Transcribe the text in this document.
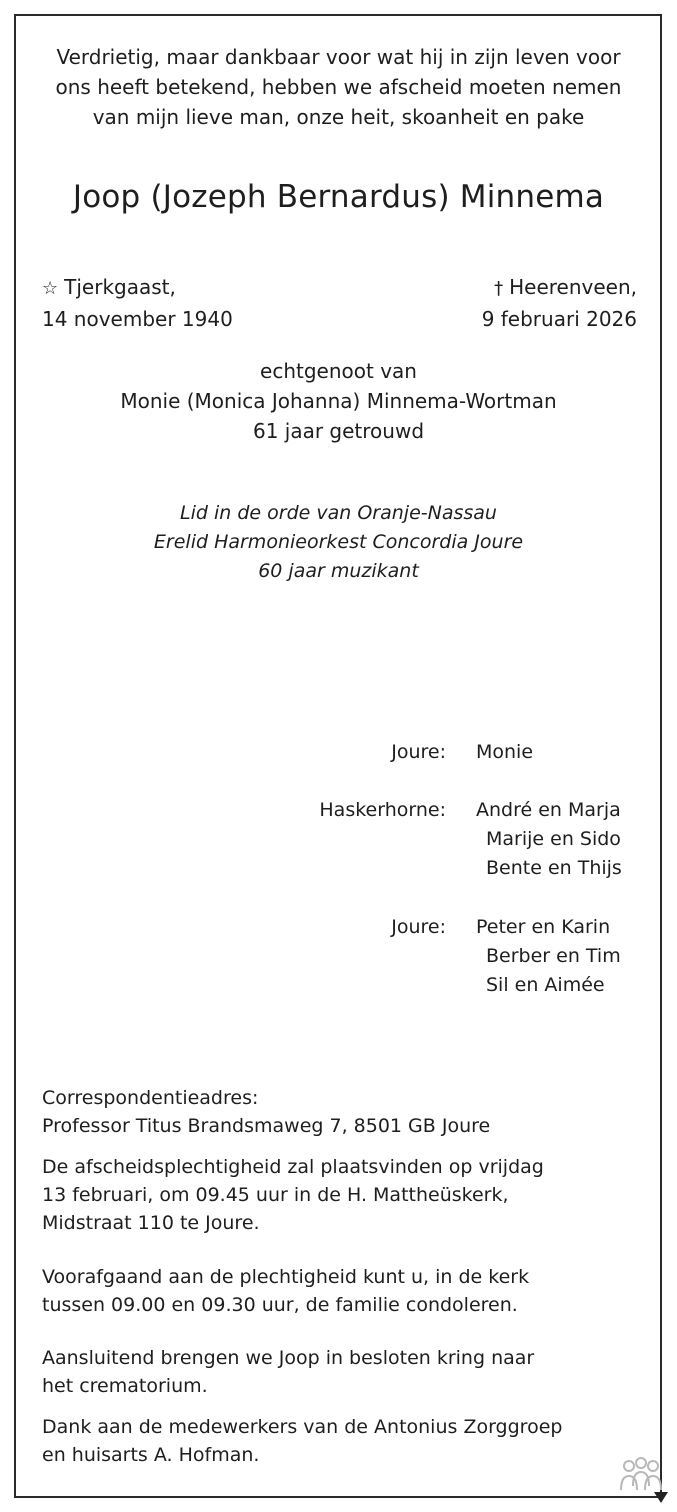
Verdrietig, maar dankbaar voor wat hij in zijn leven voor
ons heeft betekend, hebben we afscheid moeten nemen
van mijn lieve man, onze heit, skoanheit en pake
Joop (Jozeph Bernardus) Minnema
☆ Tjerkgaast,
14 november 1940
† Heerenveen,
9 februari 2026
echtgenoot van
Monie (Monica Johanna) Minnema-Wortman
61 jaar getrouwd
Lid in de orde van Oranje-Nassau
Erelid Harmonieorkest Concordia Joure
60 jaar muzikant
Joure: Monie
Haskerhorne: André en Marja
Marije en Sido
Bente en Thijs
Joure: Peter en Karin
Berber en Tim
Sil en Aimée
Correspondentieadres:
Professor Titus Brandsmaweg 7, 8501 GB Joure
De afscheidsplechtigheid zal plaatsvinden op vrijdag
13 februari, om 09.45 uur in de H. Mattheüskerk,
Midstraat 110 te Joure.
Voorafgaand aan de plechtigheid kunt u, in de kerk
tussen 09.00 en 09.30 uur, de familie condoleren.
Aansluitend brengen we Joop in besloten kring naar
het crematorium.
Dank aan de medewerkers van de Antonius Zorggroep
en huisarts A. Hofman.
